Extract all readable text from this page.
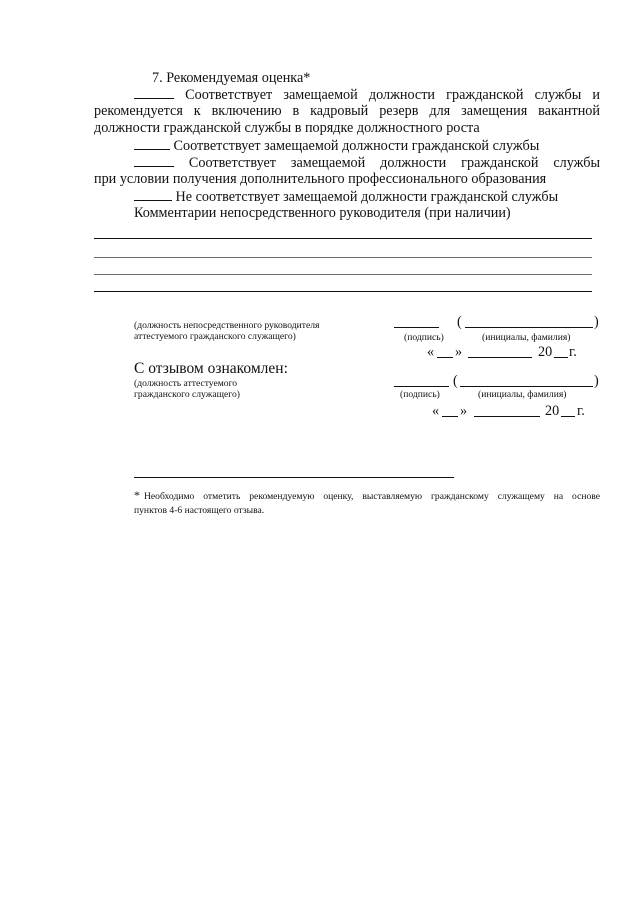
7. Рекомендуемая оценка*
Соответствует замещаемой должности гражданской службы и
рекомендуется к включению в кадровый резерв для замещения вакантной
должности гражданской службы в порядке должностного роста
Соответствует замещаемой должности гражданской службы
Соответствует замещаемой должности гражданской службы
при условии получения дополнительного профессионального образования
Не соответствует замещаемой должности гражданской службы
Комментарии непосредственного руководителя (при наличии)
(должность непосредственного руководителя
аттестуемого гражданского служащего)
(	)
(подпись)	(инициалы, фамилия)
« »	20 г.
С отзывом ознакомлен:
(должность аттестуемого
гражданского служащего)
(	)
(подпись)	(инициалы, фамилия)
« »	20 г.
* Необходимо отметить рекомендуемую оценку, выставляемую гражданскому служащему на основе
пунктов 4-6 настоящего отзыва.
